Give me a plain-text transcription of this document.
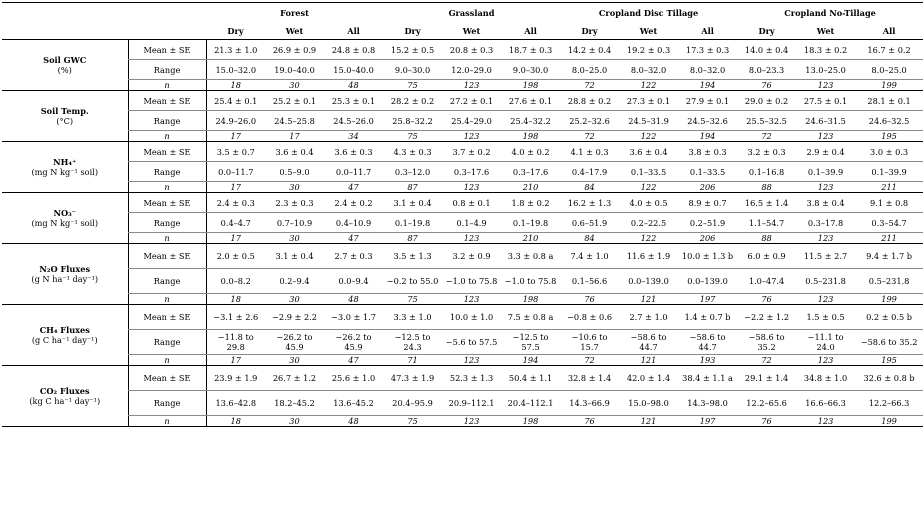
		Forest			Grassland			Cropland Disc Tillage			Cropland No-Tillage		
		Dry	Wet	All	Dry	Wet	All	Dry	Wet	All	Dry	Wet	All

Soil GWC
(%)	Mean ± SE	21.3 ± 1.0	26.9 ± 0.9	24.8 ± 0.8	15.2 ± 0.5	20.8 ± 0.3	18.7 ± 0.3	14.2 ± 0.4	19.2 ± 0.3	17.3 ± 0.3	14.0 ± 0.4	18.3 ± 0.2	16.7 ± 0.2
	Range	15.0–32.0	19.0–40.0	15.0–40.0	9.0–30.0	12.0–29.0	9.0–30.0	8.0–25.0	8.0–32.0	8.0–32.0	8.0–23.3	13.0–25.0	8.0–25.0
	n	18	30	48	75	123	198	72	122	194	76	123	199

Soil Temp.
(°C)	Mean ± SE	25.4 ± 0.1	25.2 ± 0.1	25.3 ± 0.1	28.2 ± 0.2	27.2 ± 0.1	27.6 ± 0.1	28.8 ± 0.2	27.3 ± 0.1	27.9 ± 0.1	29.0 ± 0.2	27.5 ± 0.1	28.1 ± 0.1
	Range	24.9–26.0	24.5–25.8	24.5–26.0	25.8–32.2	25.4–29.0	25.4–32.2	25.2–32.6	24.5–31.9	24.5–32.6	25.5–32.5	24.6–31.5	24.6–32.5
	n	17	17	34	75	123	198	72	122	194	72	123	195

NH₄⁺
(mg N kg⁻¹ soil)	Mean ± SE	3.5 ± 0.7	3.6 ± 0.4	3.6 ± 0.3	4.3 ± 0.3	3.7 ± 0.2	4.0 ± 0.2	4.1 ± 0.3	3.6 ± 0.4	3.8 ± 0.3	3.2 ± 0.3	2.9 ± 0.4	3.0 ± 0.3
	Range	0.0–11.7	0.5–9.0	0.0–11.7	0.3–12.0	0.3–17.6	0.3–17.6	0.4–17.9	0.1–33.5	0.1–33.5	0.1–16.8	0.1–39.9	0.1–39.9
	n	17	30	47	87	123	210	84	122	206	88	123	211

NO₃⁻
(mg N kg⁻¹ soil)	Mean ± SE	2.4 ± 0.3	2.3 ± 0.3	2.4 ± 0.2	3.1 ± 0.4	0.8 ± 0.1	1.8 ± 0.2	16.2 ± 1.3	4.0 ± 0.5	8.9 ± 0.7	16.5 ± 1.4	3.8 ± 0.4	9.1 ± 0.8
	Range	0.4–4.7	0.7–10.9	0.4–10.9	0.1–19.8	0.1–4.9	0.1–19.8	0.6–51.9	0.2–22.5	0.2–51.9	1.1–54.7	0.3–17.8	0.3–54.7
	n	17	30	47	87	123	210	84	122	206	88	123	211

N₂O Fluxes
(g N ha⁻¹ day⁻¹)	Mean ± SE	2.0 ± 0.5	3.1 ± 0.4	2.7 ± 0.3	3.5 ± 1.3	3.2 ± 0.9	3.3 ± 0.8 a	7.4 ± 1.0	11.6 ± 1.9	10.0 ± 1.3 b	6.0 ± 0.9	11.5 ± 2.7	9.4 ± 1.7 b
	Range	0.0–8.2	0.2–9.4	0.0–9.4	−0.2 to 55.0	−1.0 to 75.8	−1.0 to 75.8	0.1–56.6	0.0–139.0	0.0–139.0	1.0–47.4	0.5–231.8	0.5–231.8
	n	18	30	48	75	123	198	76	121	197	76	123	199

CH₄ Fluxes
(g C ha⁻¹ day⁻¹)	Mean ± SE	−3.1 ± 2.6	−2.9 ± 2.2	−3.0 ± 1.7	3.3 ± 1.0	10.0 ± 1.0	7.5 ± 0.8 a	−0.8 ± 0.6	2.7 ± 1.0	1.4 ± 0.7 b	−2.2 ± 1.2	1.5 ± 0.5	0.2 ± 0.5 b
	Range	−11.8 to 29.8	−26.2 to 45.9	−26.2 to 45.9	−12.5 to 24.3	−5.6 to 57.5	−12.5 to 57.5	−10.6 to 15.7	−58.6 to 44.7	−58.6 to 44.7	−58.6 to 35.2	−11.1 to 24.0	−58.6 to 35.2
	n	17	30	47	71	123	194	72	121	193	72	123	195

CO₂ Fluxes
(kg C ha⁻¹ day⁻¹)	Mean ± SE	23.9 ± 1.9	26.7 ± 1.2	25.6 ± 1.0	47.3 ± 1.9	52.3 ± 1.3	50.4 ± 1.1	32.8 ± 1.4	42.0 ± 1.4	38.4 ± 1.1 a	29.1 ± 1.4	34.8 ± 1.0	32.6 ± 0.8 b
	Range	13.6–42.8	18.2–45.2	13.6–45.2	20.4–95.9	20.9–112.1	20.4–112.1	14.3–66.9	15.0–98.0	14.3–98.0	12.2–65.6	16.6–66.3	12.2–66.3
	n	18	30	48	75	123	198	76	121	197	76	123	199
